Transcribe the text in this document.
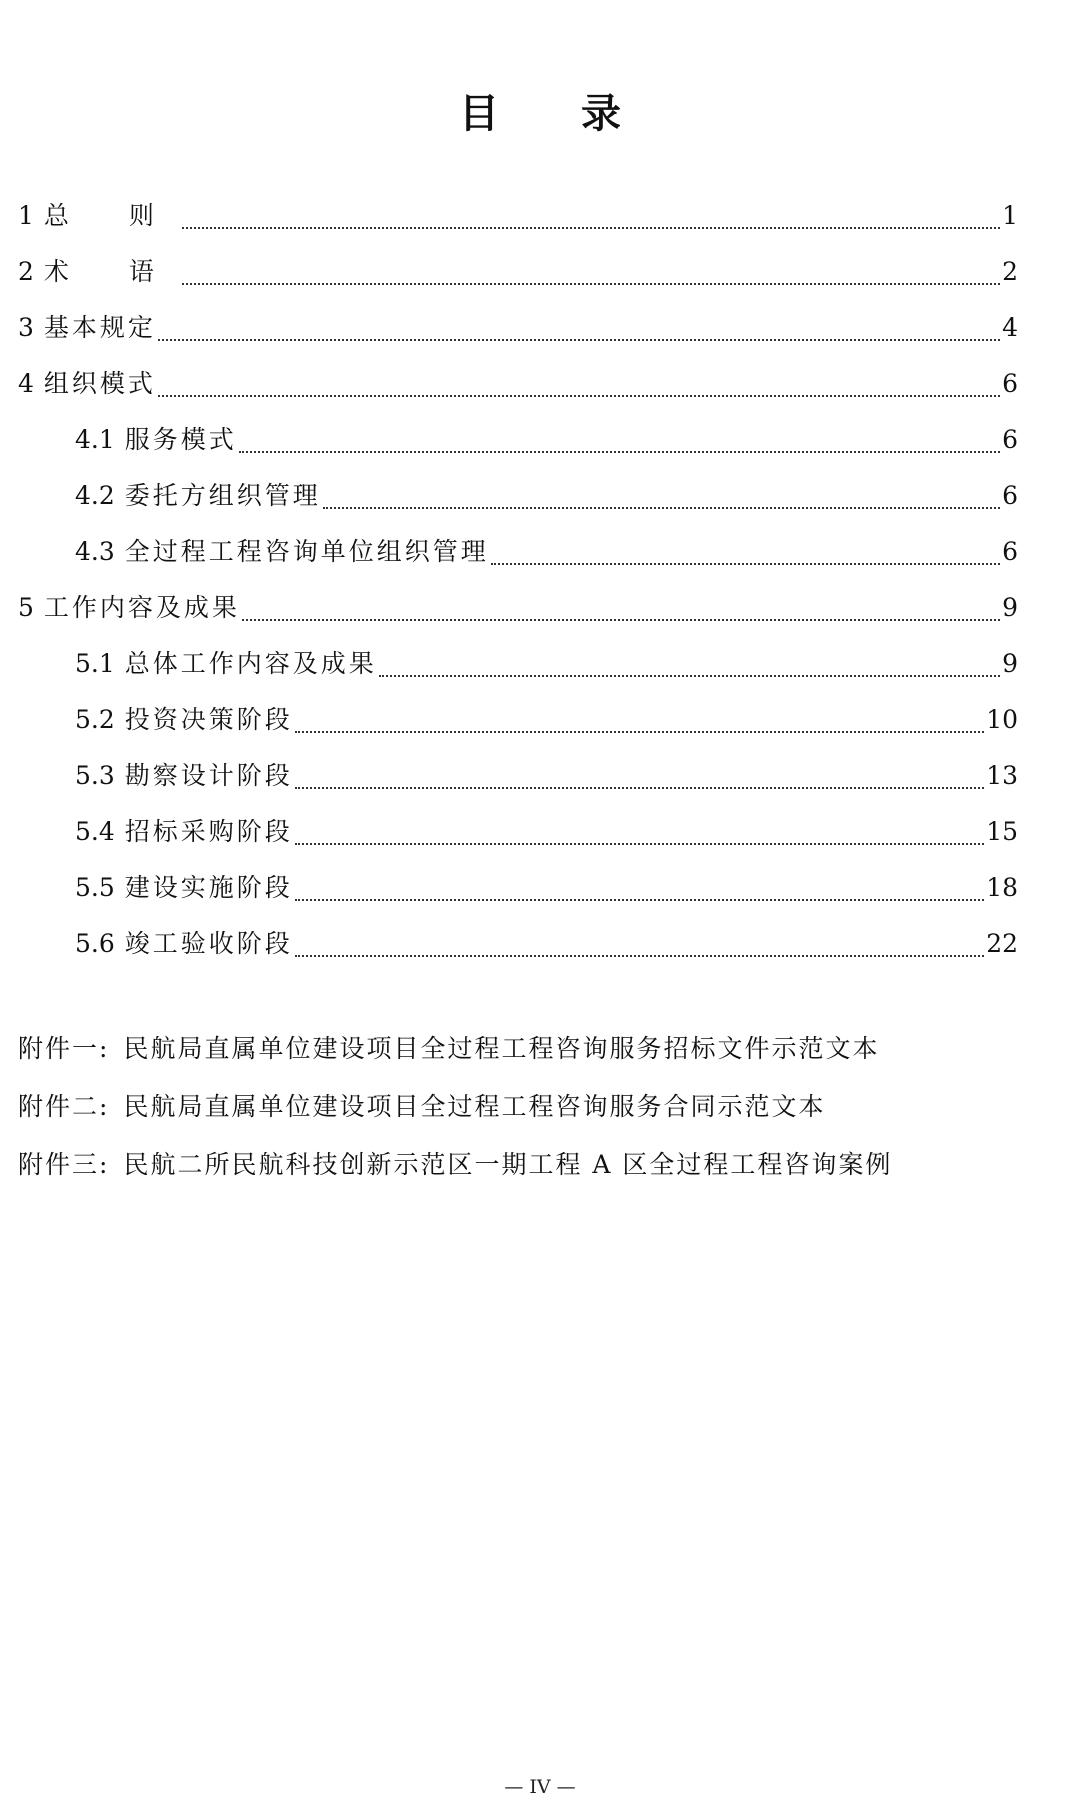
目 录
1 总 则	1
2 术 语	2
3 基本规定	4
4 组织模式	6
4.1 服务模式	6
4.2 委托方组织管理	6
4.3 全过程工程咨询单位组织管理	6
5 工作内容及成果	9
5.1 总体工作内容及成果	9
5.2 投资决策阶段	10
5.3 勘察设计阶段	13
5.4 招标采购阶段	15
5.5 建设实施阶段	18
5.6 竣工验收阶段	22
附件一: 民航局直属单位建设项目全过程工程咨询服务招标文件示范文本
附件二: 民航局直属单位建设项目全过程工程咨询服务合同示范文本
附件三: 民航二所民航科技创新示范区一期工程 A 区全过程工程咨询案例
— IV —
